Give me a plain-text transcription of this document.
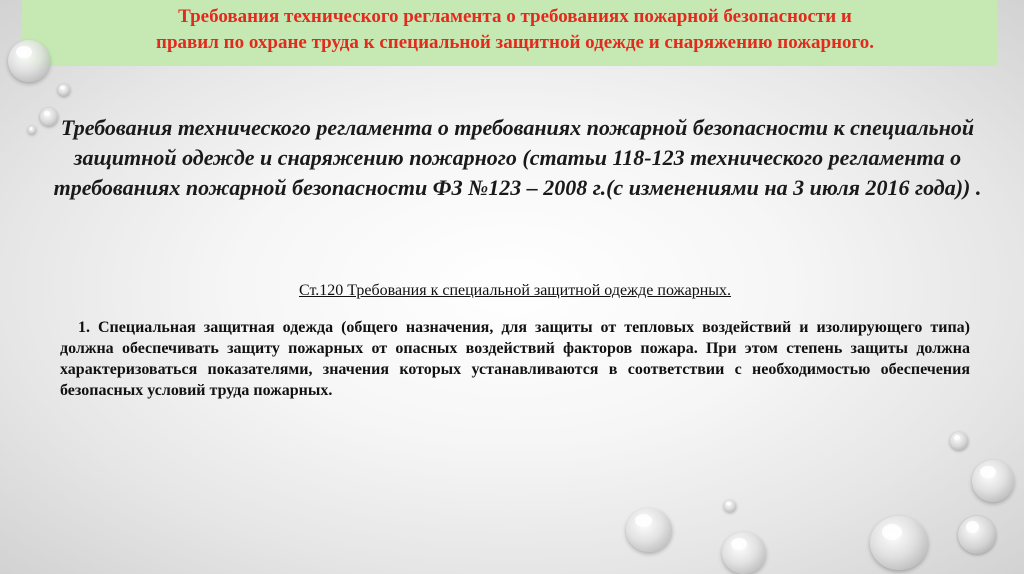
Требования технического регламента о требованиях пожарной безопасности и
правил по охране труда к специальной защитной одежде и снаряжению пожарного.
Требования технического регламента о требованиях пожарной безопасности к специальной защитной одежде и снаряжению пожарного (статьи 118-123 технического регламента о требованиях пожарной безопасности ФЗ №123 – 2008 г.(с изменениями на 3 июля 2016 года)) .

Ст.120 Требования к специальной защитной одежде пожарных.

1. Специальная защитная одежда (общего назначения, для защиты от тепловых воздействий и изолирующего типа) должна обеспечивать защиту пожарных от опасных воздействий факторов пожара. При этом степень защиты должна характеризоваться показателями, значения которых устанавливаются в соответствии с необходимостью обеспечения безопасных условий труда пожарных.
